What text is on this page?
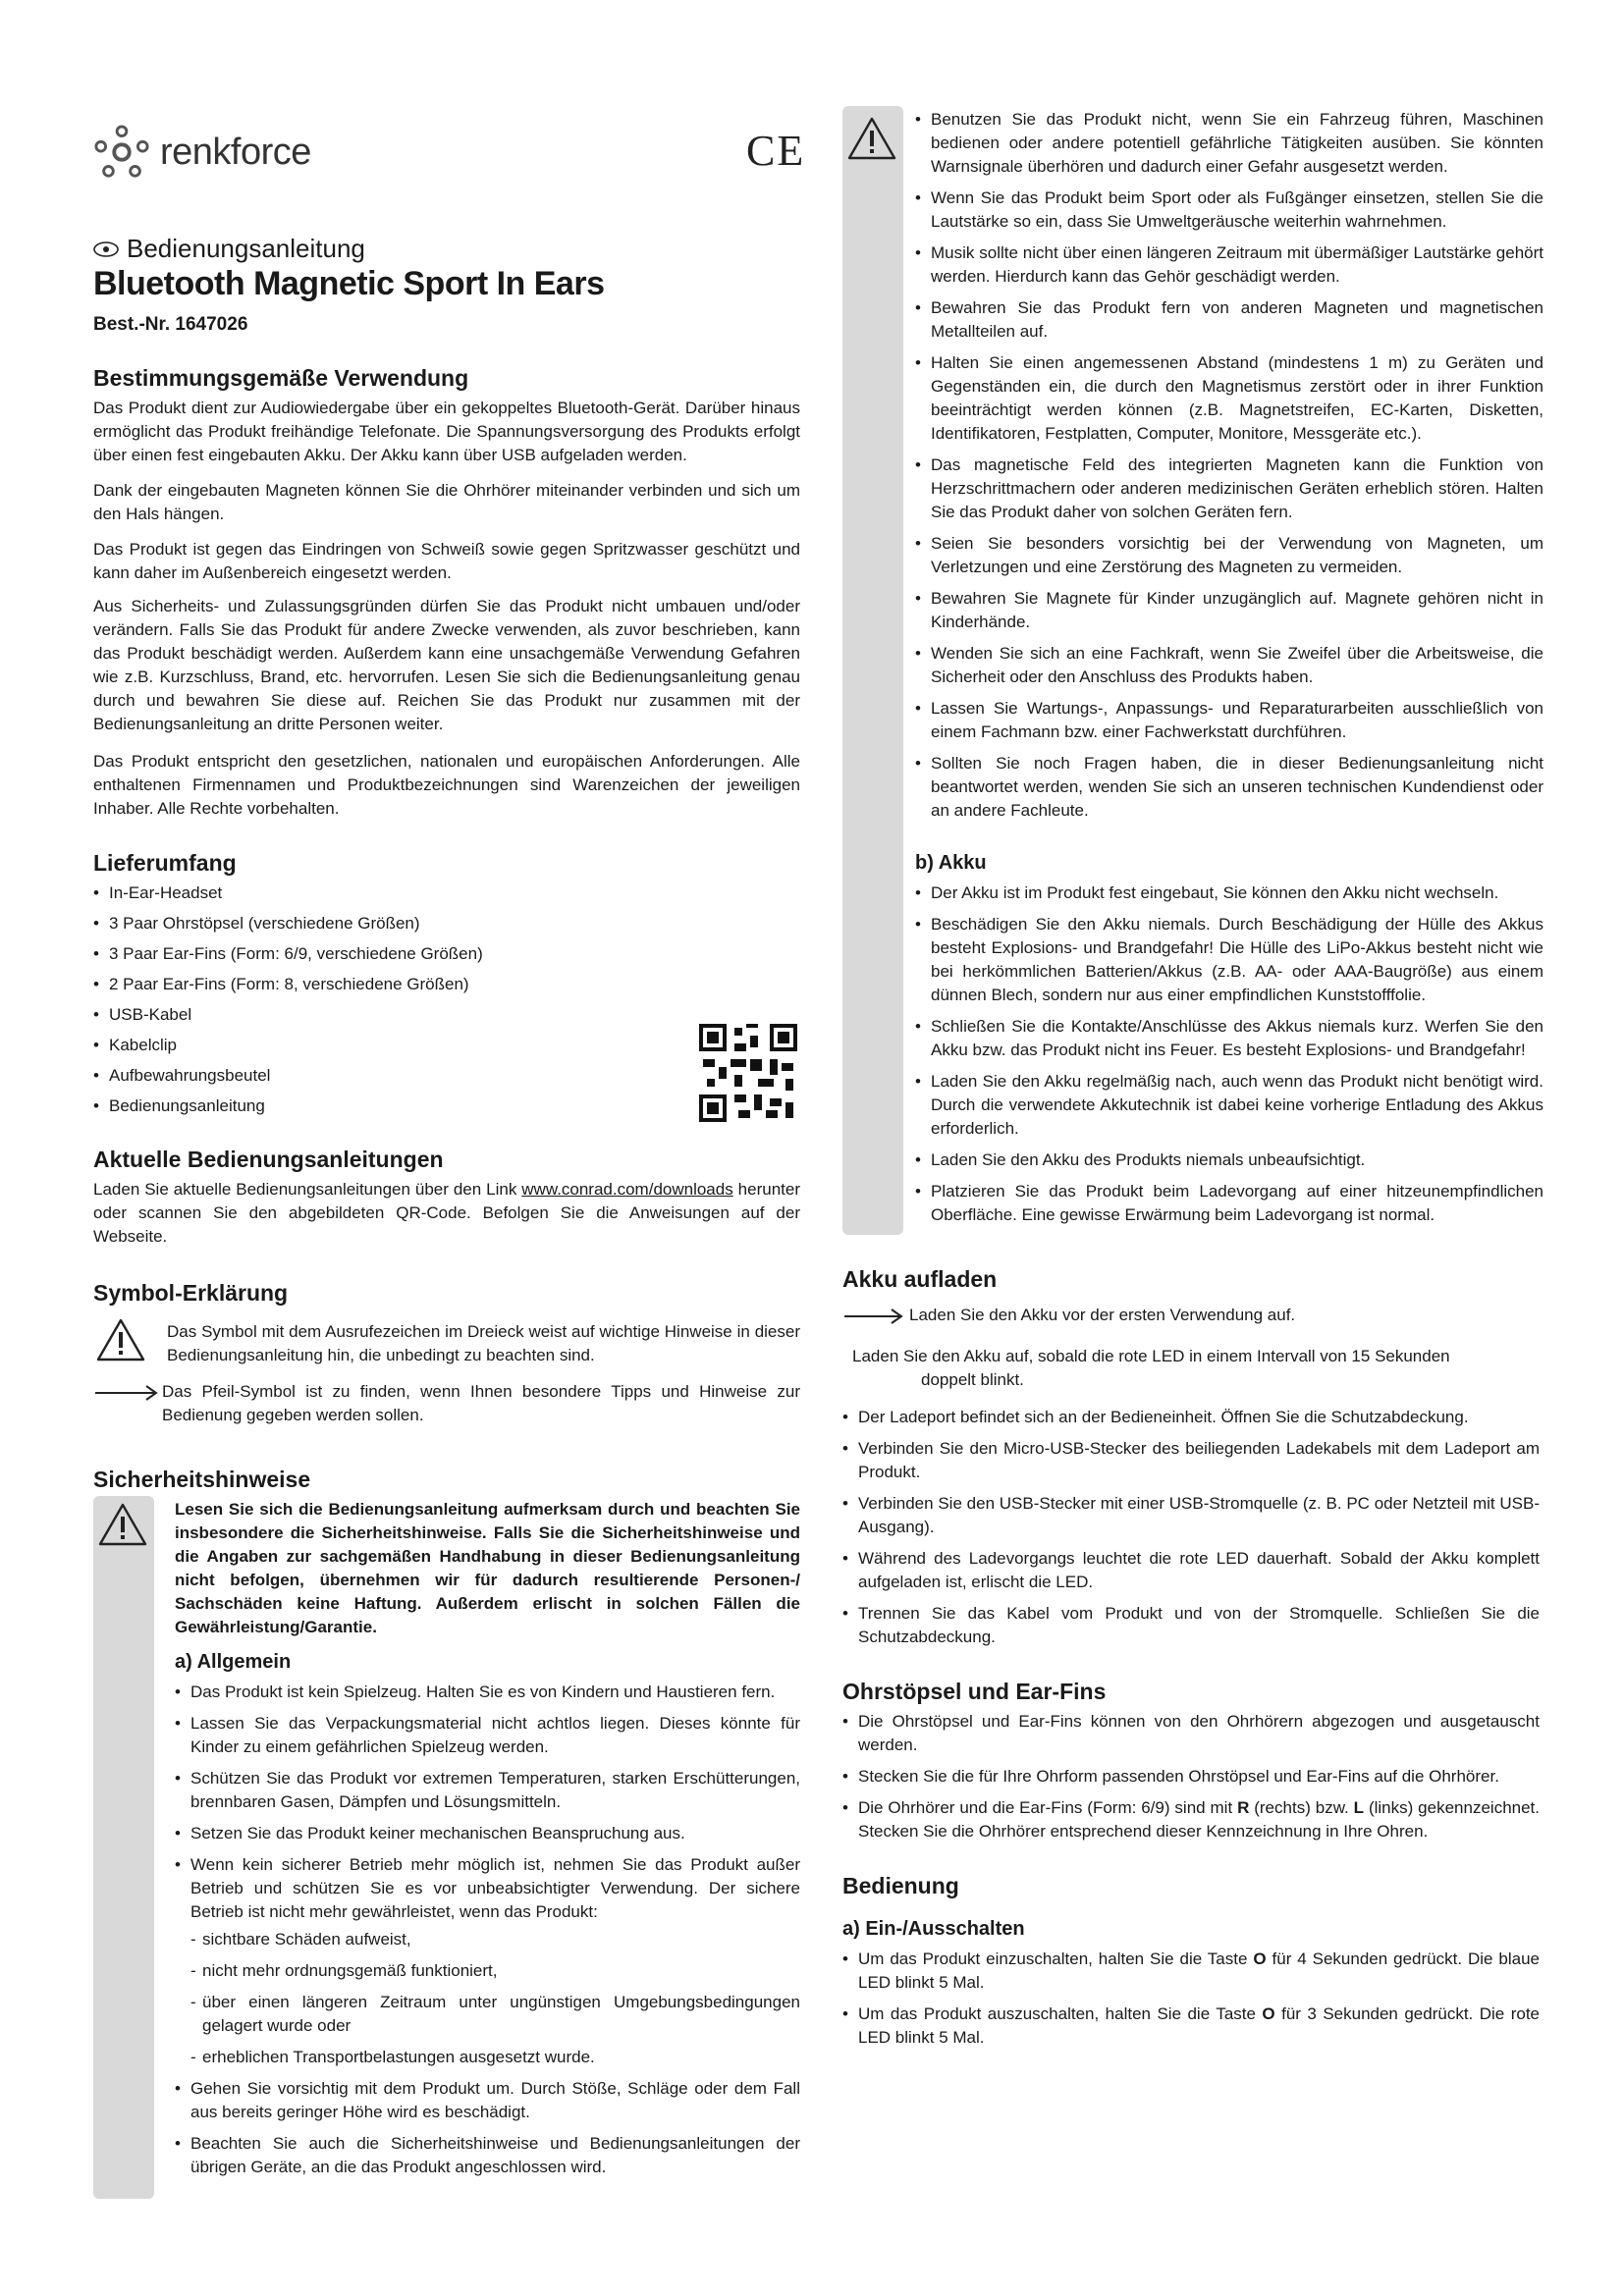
renkforce	CE
Bedienungsanleitung
Bluetooth Magnetic Sport In Ears
Best.-Nr. 1647026
Bestimmungsgemäße Verwendung

Das Produkt dient zur Audiowiedergabe über ein gekoppeltes Bluetooth-Gerät. Darüber hinaus ermöglicht das Produkt freihändige Telefonate. Die Spannungsversorgung des Produkts erfolgt über einen fest eingebauten Akku. Der Akku kann über USB aufgeladen werden.

Dank der eingebauten Magneten können Sie die Ohrhörer miteinander verbinden und sich um den Hals hängen.

Das Produkt ist gegen das Eindringen von Schweiß sowie gegen Spritzwasser geschützt und kann daher im Außenbereich eingesetzt werden.

Aus Sicherheits- und Zulassungsgründen dürfen Sie das Produkt nicht umbauen und/oder verändern. Falls Sie das Produkt für andere Zwecke verwenden, als zuvor beschrieben, kann das Produkt beschädigt werden. Außerdem kann eine unsachgemäße Verwendung Gefahren wie z.B. Kurzschluss, Brand, etc. hervorrufen. Lesen Sie sich die Bedienungsanleitung genau durch und bewahren Sie diese auf. Reichen Sie das Produkt nur zusammen mit der Bedienungsanleitung an dritte Personen weiter.

Das Produkt entspricht den gesetzlichen, nationalen und europäischen Anforderungen. Alle enthaltenen Firmennamen und Produktbezeichnungen sind Warenzeichen der jeweiligen Inhaber. Alle Rechte vorbehalten.

Lieferumfang
• In-Ear-Headset
• 3 Paar Ohrstöpsel (verschiedene Größen)
• 3 Paar Ear-Fins (Form: 6/9, verschiedene Größen)
• 2 Paar Ear-Fins (Form: 8, verschiedene Größen)
• USB-Kabel
• Kabelclip
• Aufbewahrungsbeutel
• Bedienungsanleitung
Aktuelle Bedienungsanleitungen

Laden Sie aktuelle Bedienungsanleitungen über den Link www.conrad.com/downloads herunter oder scannen Sie den abgebildeten QR-Code. Befolgen Sie die Anweisungen auf der Webseite.

Symbol-Erklärung

Das Symbol mit dem Ausrufezeichen im Dreieck weist auf wichtige Hinweise in dieser Bedienungsanleitung hin, die unbedingt zu beachten sind.

Das Pfeil-Symbol ist zu finden, wenn Ihnen besondere Tipps und Hinweise zur Bedienung gegeben werden sollen.

Sicherheitshinweise

Lesen Sie sich die Bedienungsanleitung aufmerksam durch und beachten Sie insbesondere die Sicherheitshinweise. Falls Sie die Sicherheitshinweise und die Angaben zur sachgemäßen Handhabung in dieser Bedienungsanleitung nicht befolgen, übernehmen wir für dadurch resultierende Personen-/ Sachschäden keine Haftung. Außerdem erlischt in solchen Fällen die Gewährleistung/Garantie.

a) Allgemein
• Das Produkt ist kein Spielzeug. Halten Sie es von Kindern und Haustieren fern.
• Lassen Sie das Verpackungsmaterial nicht achtlos liegen. Dieses könnte für Kinder zu einem gefährlichen Spielzeug werden.
• Schützen Sie das Produkt vor extremen Temperaturen, starken Erschütterungen, brennbaren Gasen, Dämpfen und Lösungsmitteln.
• Setzen Sie das Produkt keiner mechanischen Beanspruchung aus.
• Wenn kein sicherer Betrieb mehr möglich ist, nehmen Sie das Produkt außer Betrieb und schützen Sie es vor unbeabsichtigter Verwendung. Der sichere Betrieb ist nicht mehr gewährleistet, wenn das Produkt:
- sichtbare Schäden aufweist,
- nicht mehr ordnungsgemäß funktioniert,
- über einen längeren Zeitraum unter ungünstigen Umgebungsbedingungen gelagert wurde oder
- erheblichen Transportbelastungen ausgesetzt wurde.
• Gehen Sie vorsichtig mit dem Produkt um. Durch Stöße, Schläge oder dem Fall aus bereits geringer Höhe wird es beschädigt.
• Beachten Sie auch die Sicherheitshinweise und Bedienungsanleitungen der übrigen Geräte, an die das Produkt angeschlossen wird.
• Benutzen Sie das Produkt nicht, wenn Sie ein Fahrzeug führen, Maschinen bedienen oder andere potentiell gefährliche Tätigkeiten ausüben. Sie könnten Warnsignale überhören und dadurch einer Gefahr ausgesetzt werden.
• Wenn Sie das Produkt beim Sport oder als Fußgänger einsetzen, stellen Sie die Lautstärke so ein, dass Sie Umweltgeräusche weiterhin wahrnehmen.
• Musik sollte nicht über einen längeren Zeitraum mit übermäßiger Lautstärke gehört werden. Hierdurch kann das Gehör geschädigt werden.
• Bewahren Sie das Produkt fern von anderen Magneten und magnetischen Metallteilen auf.
• Halten Sie einen angemessenen Abstand (mindestens 1 m) zu Geräten und Gegenständen ein, die durch den Magnetismus zerstört oder in ihrer Funktion beeinträchtigt werden können (z.B. Magnetstreifen, EC-Karten, Disketten, Identifikatoren, Festplatten, Computer, Monitore, Messgeräte etc.).
• Das magnetische Feld des integrierten Magneten kann die Funktion von Herzschrittmachern oder anderen medizinischen Geräten erheblich stören. Halten Sie das Produkt daher von solchen Geräten fern.
• Seien Sie besonders vorsichtig bei der Verwendung von Magneten, um Verletzungen und eine Zerstörung des Magneten zu vermeiden.
• Bewahren Sie Magnete für Kinder unzugänglich auf. Magnete gehören nicht in Kinderhände.
• Wenden Sie sich an eine Fachkraft, wenn Sie Zweifel über die Arbeitsweise, die Sicherheit oder den Anschluss des Produkts haben.
• Lassen Sie Wartungs-, Anpassungs- und Reparaturarbeiten ausschließlich von einem Fachmann bzw. einer Fachwerkstatt durchführen.
• Sollten Sie noch Fragen haben, die in dieser Bedienungsanleitung nicht beantwortet werden, wenden Sie sich an unseren technischen Kundendienst oder an andere Fachleute.
b) Akku
• Der Akku ist im Produkt fest eingebaut, Sie können den Akku nicht wechseln.
• Beschädigen Sie den Akku niemals. Durch Beschädigung der Hülle des Akkus besteht Explosions- und Brandgefahr! Die Hülle des LiPo-Akkus besteht nicht wie bei herkömmlichen Batterien/Akkus (z.B. AA- oder AAA-Baugröße) aus einem dünnen Blech, sondern nur aus einer empfindlichen Kunststofffolie.
• Schließen Sie die Kontakte/Anschlüsse des Akkus niemals kurz. Werfen Sie den Akku bzw. das Produkt nicht ins Feuer. Es besteht Explosions- und Brandgefahr!
• Laden Sie den Akku regelmäßig nach, auch wenn das Produkt nicht benötigt wird. Durch die verwendete Akkutechnik ist dabei keine vorherige Entladung des Akkus erforderlich.
• Laden Sie den Akku des Produkts niemals unbeaufsichtigt.
• Platzieren Sie das Produkt beim Ladevorgang auf einer hitzeunempfindlichen Oberfläche. Eine gewisse Erwärmung beim Ladevorgang ist normal.
Akku aufladen

Laden Sie den Akku vor der ersten Verwendung auf.

Laden Sie den Akku auf, sobald die rote LED in einem Intervall von 15 Sekunden

doppelt blinkt.

• Der Ladeport befindet sich an der Bedieneinheit. Öffnen Sie die Schutzabdeckung.
• Verbinden Sie den Micro-USB-Stecker des beiliegenden Ladekabels mit dem Ladeport am Produkt.
• Verbinden Sie den USB-Stecker mit einer USB-Stromquelle (z. B. PC oder Netzteil mit USB-Ausgang).
• Während des Ladevorgangs leuchtet die rote LED dauerhaft. Sobald der Akku komplett aufgeladen ist, erlischt die LED.
• Trennen Sie das Kabel vom Produkt und von der Stromquelle. Schließen Sie die Schutzabdeckung.
Ohrstöpsel und Ear-Fins
• Die Ohrstöpsel und Ear-Fins können von den Ohrhörern abgezogen und ausgetauscht werden.
• Stecken Sie die für Ihre Ohrform passenden Ohrstöpsel und Ear-Fins auf die Ohrhörer.
• Die Ohrhörer und die Ear-Fins (Form: 6/9) sind mit R (rechts) bzw. L (links) gekennzeichnet. Stecken Sie die Ohrhörer entsprechend dieser Kennzeichnung in Ihre Ohren.
Bedienung
a) Ein-/Ausschalten
• Um das Produkt einzuschalten, halten Sie die Taste O für 4 Sekunden gedrückt. Die blaue LED blinkt 5 Mal.
• Um das Produkt auszuschalten, halten Sie die Taste O für 3 Sekunden gedrückt. Die rote LED blinkt 5 Mal.
